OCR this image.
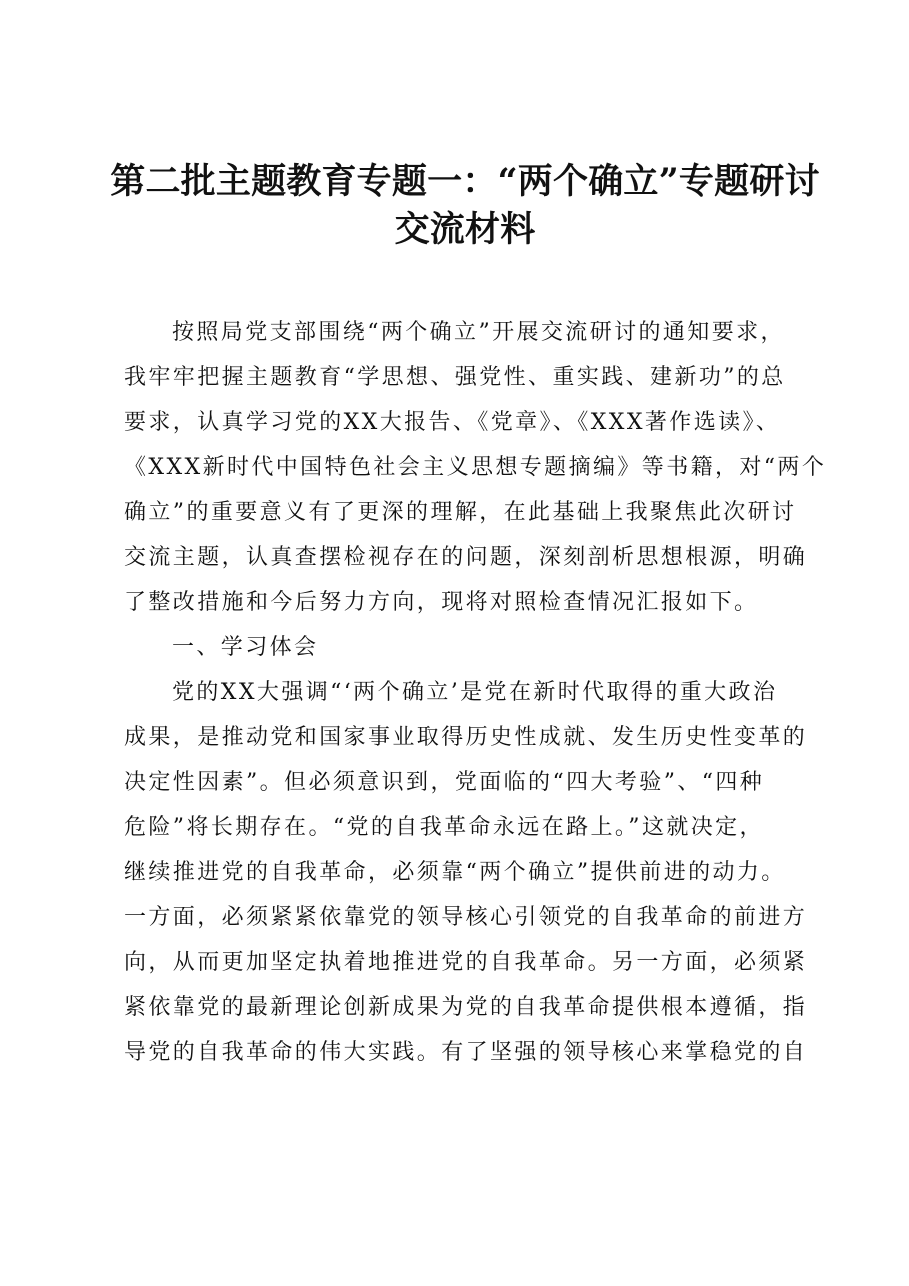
第二批主题教育专题一：“两个确立”专题研讨
交流材料

按照局党支部围绕“两个确立”开展交流研讨的通知要求，
我牢牢把握主题教育“学思想、强党性、重实践、建新功”的总
要求，认真学习党的XX大报告、《党章》、《XXX著作选读》、
《XXX新时代中国特色社会主义思想专题摘编》等书籍，对“两个
确立”的重要意义有了更深的理解，在此基础上我聚焦此次研讨
交流主题，认真查摆检视存在的问题，深刻剖析思想根源，明确
了整改措施和今后努力方向，现将对照检查情况汇报如下。

一、学习体会

党的XX大强调“‘两个确立’是党在新时代取得的重大政治
成果，是推动党和国家事业取得历史性成就、发生历史性变革的
决定性因素”。但必须意识到，党面临的“四大考验”、“四种
危险”将长期存在。“党的自我革命永远在路上。”这就决定，
继续推进党的自我革命，必须靠“两个确立”提供前进的动力。
一方面，必须紧紧依靠党的领导核心引领党的自我革命的前进方
向，从而更加坚定执着地推进党的自我革命。另一方面，必须紧
紧依靠党的最新理论创新成果为党的自我革命提供根本遵循，指
导党的自我革命的伟大实践。有了坚强的领导核心来掌稳党的自
